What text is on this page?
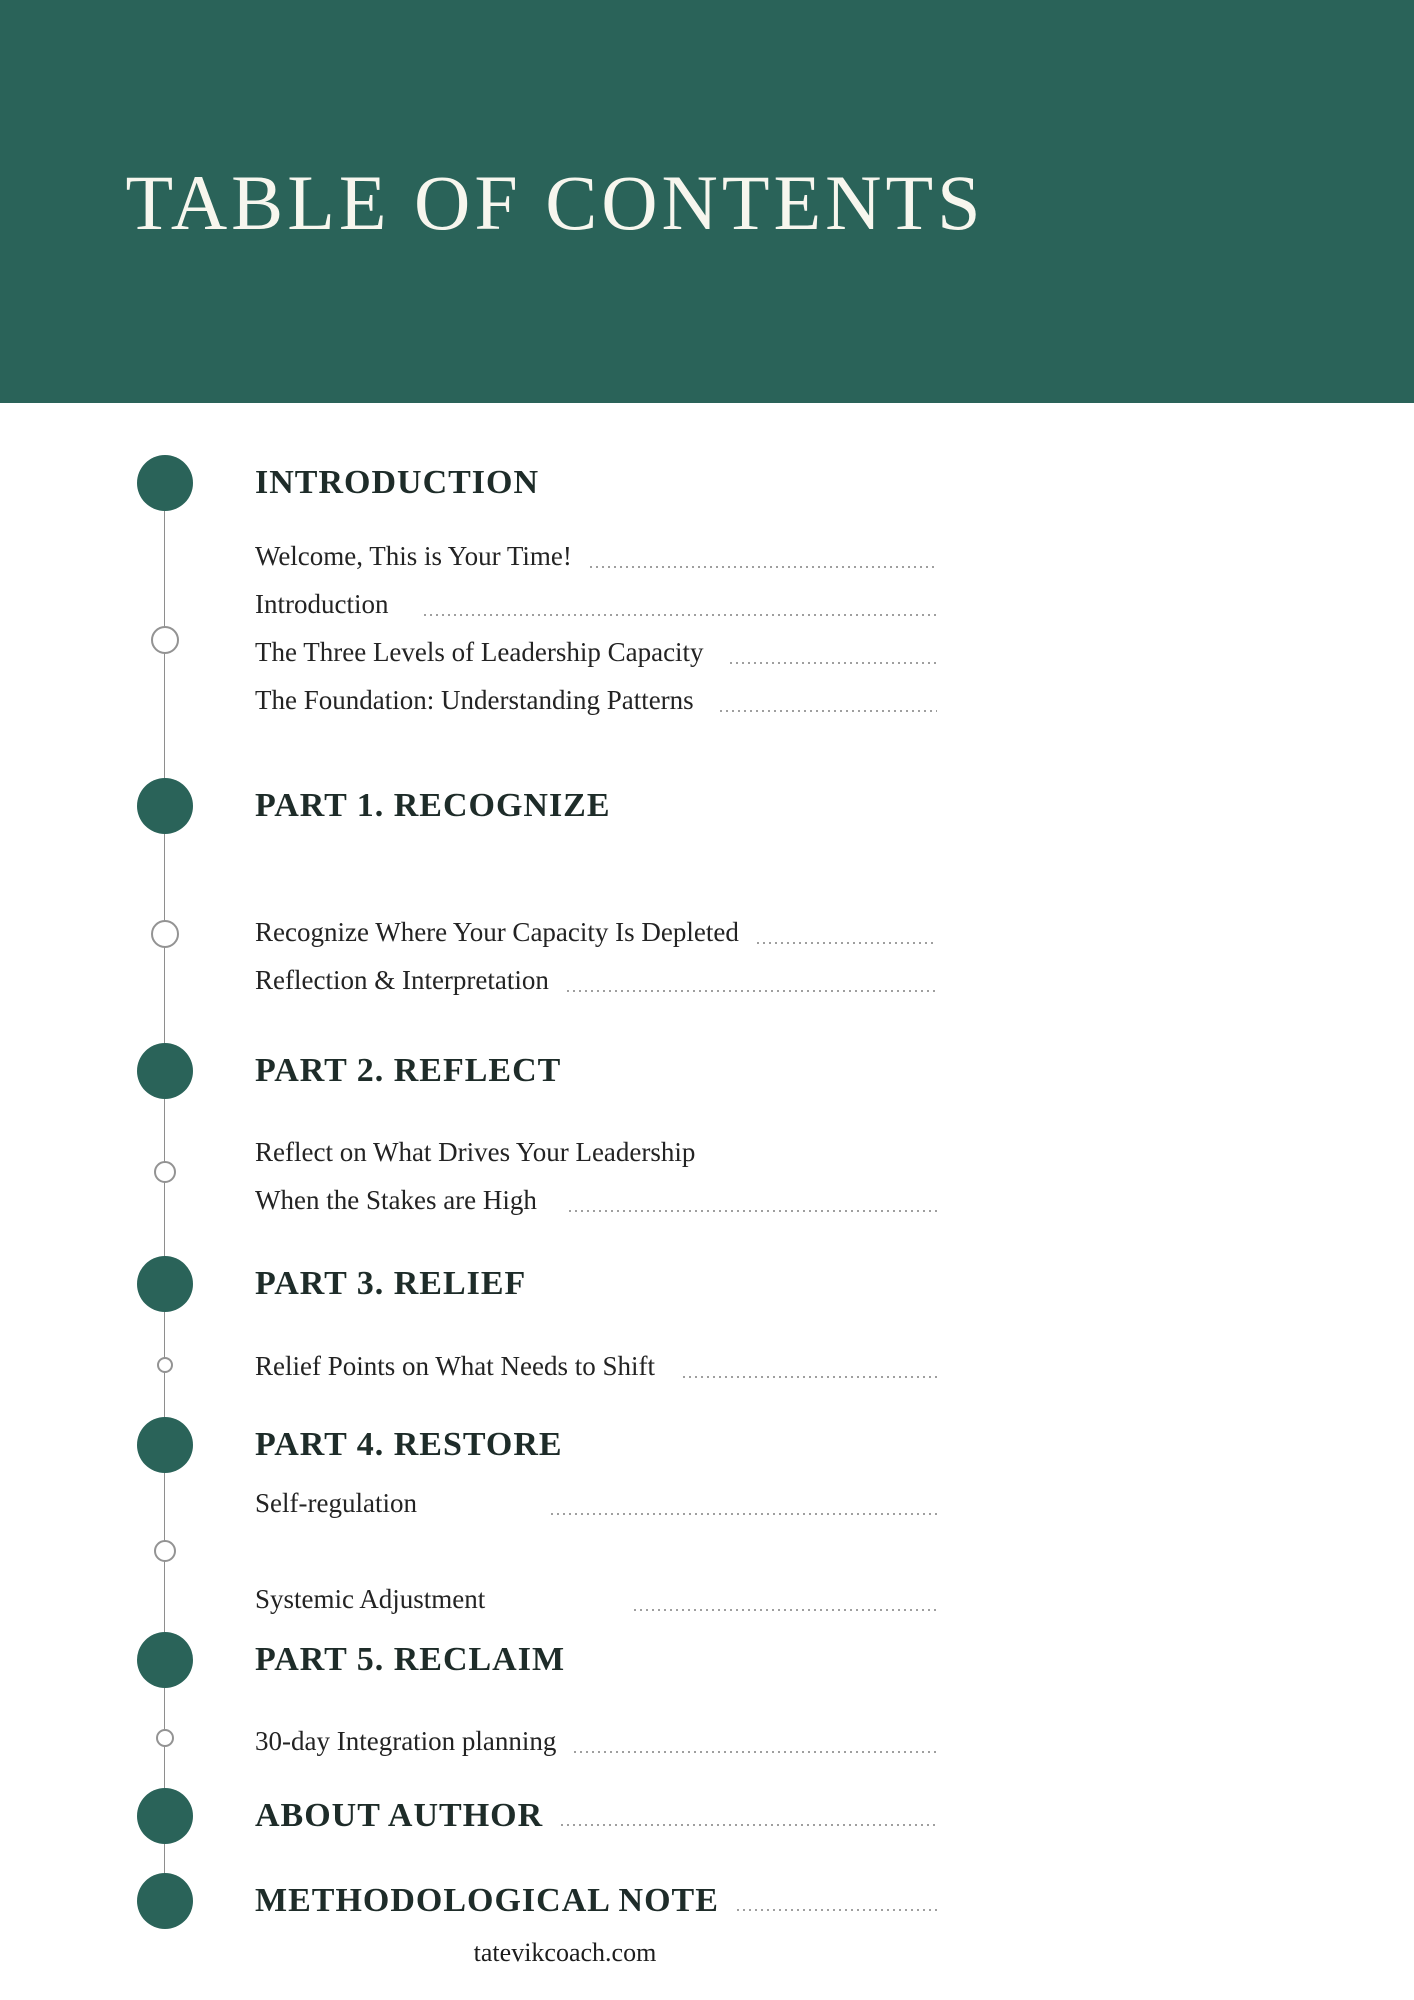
TABLE OF CONTENTS
INTRODUCTION
Welcome, This is Your Time!
Introduction
The Three Levels of Leadership Capacity
The Foundation: Understanding Patterns
PART 1. RECOGNIZE
Recognize Where Your Capacity Is Depleted
Reflection & Interpretation
PART 2. REFLECT
Reflect on What Drives Your Leadership
When the Stakes are High
PART 3. RELIEF
Relief Points on What Needs to Shift
PART 4. RESTORE
Self-regulation
Systemic Adjustment
PART 5. RECLAIM
30-day Integration planning
ABOUT AUTHOR
METHODOLOGICAL NOTE
tatevikcoach.com
